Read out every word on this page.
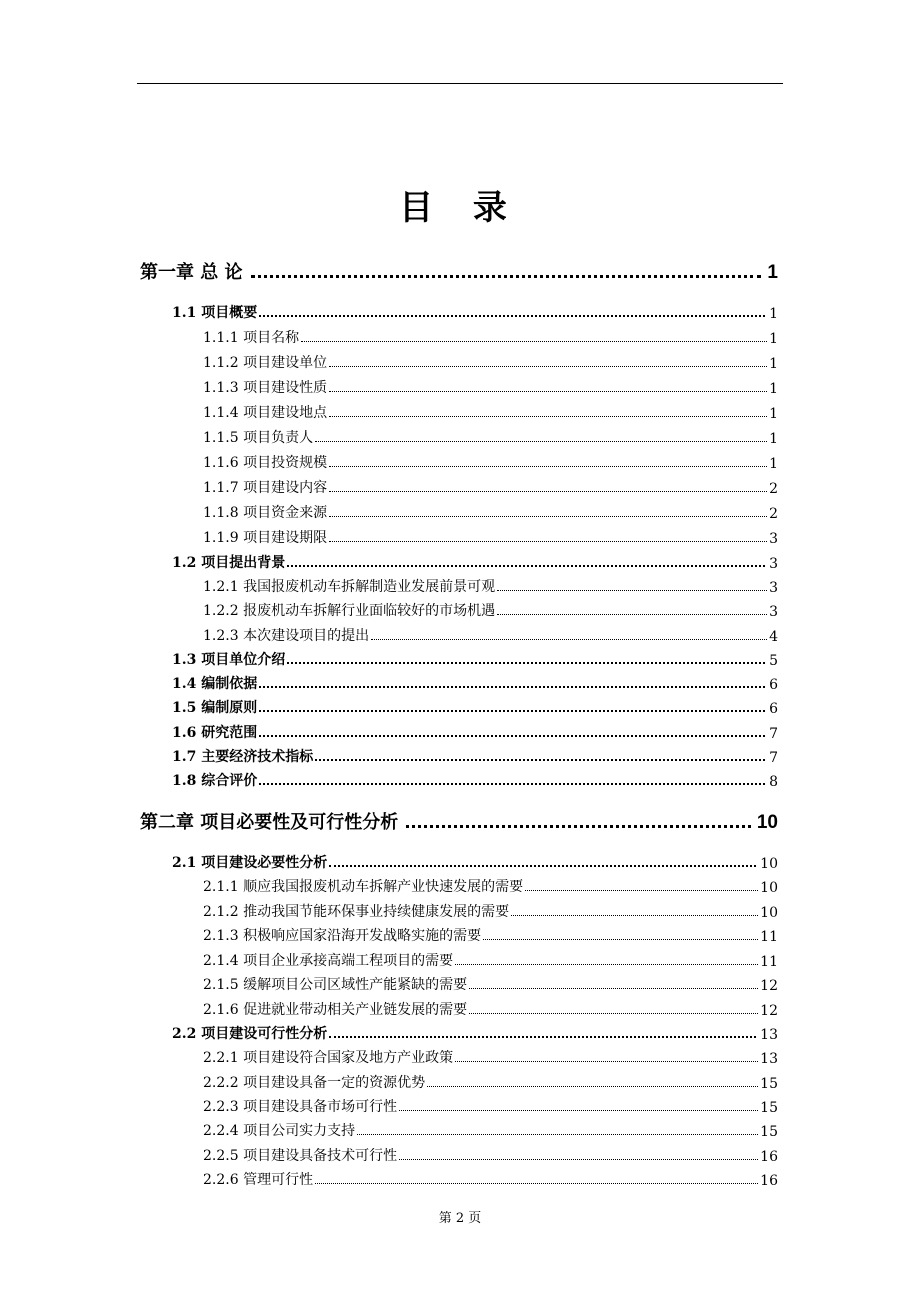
目 录
第一章 总 论	1
1.1 项目概要	1
1.1.1 项目名称	1
1.1.2 项目建设单位	1
1.1.3 项目建设性质	1
1.1.4 项目建设地点	1
1.1.5 项目负责人	1
1.1.6 项目投资规模	1
1.1.7 项目建设内容	2
1.1.8 项目资金来源	2
1.1.9 项目建设期限	3
1.2 项目提出背景	3
1.2.1 我国报废机动车拆解制造业发展前景可观	3
1.2.2 报废机动车拆解行业面临较好的市场机遇	3
1.2.3 本次建设项目的提出	4
1.3 项目单位介绍	5
1.4 编制依据	6
1.5 编制原则	6
1.6 研究范围	7
1.7 主要经济技术指标	7
1.8 综合评价	8
第二章 项目必要性及可行性分析	10
2.1 项目建设必要性分析	10
2.1.1 顺应我国报废机动车拆解产业快速发展的需要	10
2.1.2 推动我国节能环保事业持续健康发展的需要	10
2.1.3 积极响应国家沿海开发战略实施的需要	11
2.1.4 项目企业承接高端工程项目的需要	11
2.1.5 缓解项目公司区域性产能紧缺的需要	12
2.1.6 促进就业带动相关产业链发展的需要	12
2.2 项目建设可行性分析	13
2.2.1 项目建设符合国家及地方产业政策	13
2.2.2 项目建设具备一定的资源优势	15
2.2.3 项目建设具备市场可行性	15
2.2.4 项目公司实力支持	15
2.2.5 项目建设具备技术可行性	16
2.2.6 管理可行性	16
第 2 页
